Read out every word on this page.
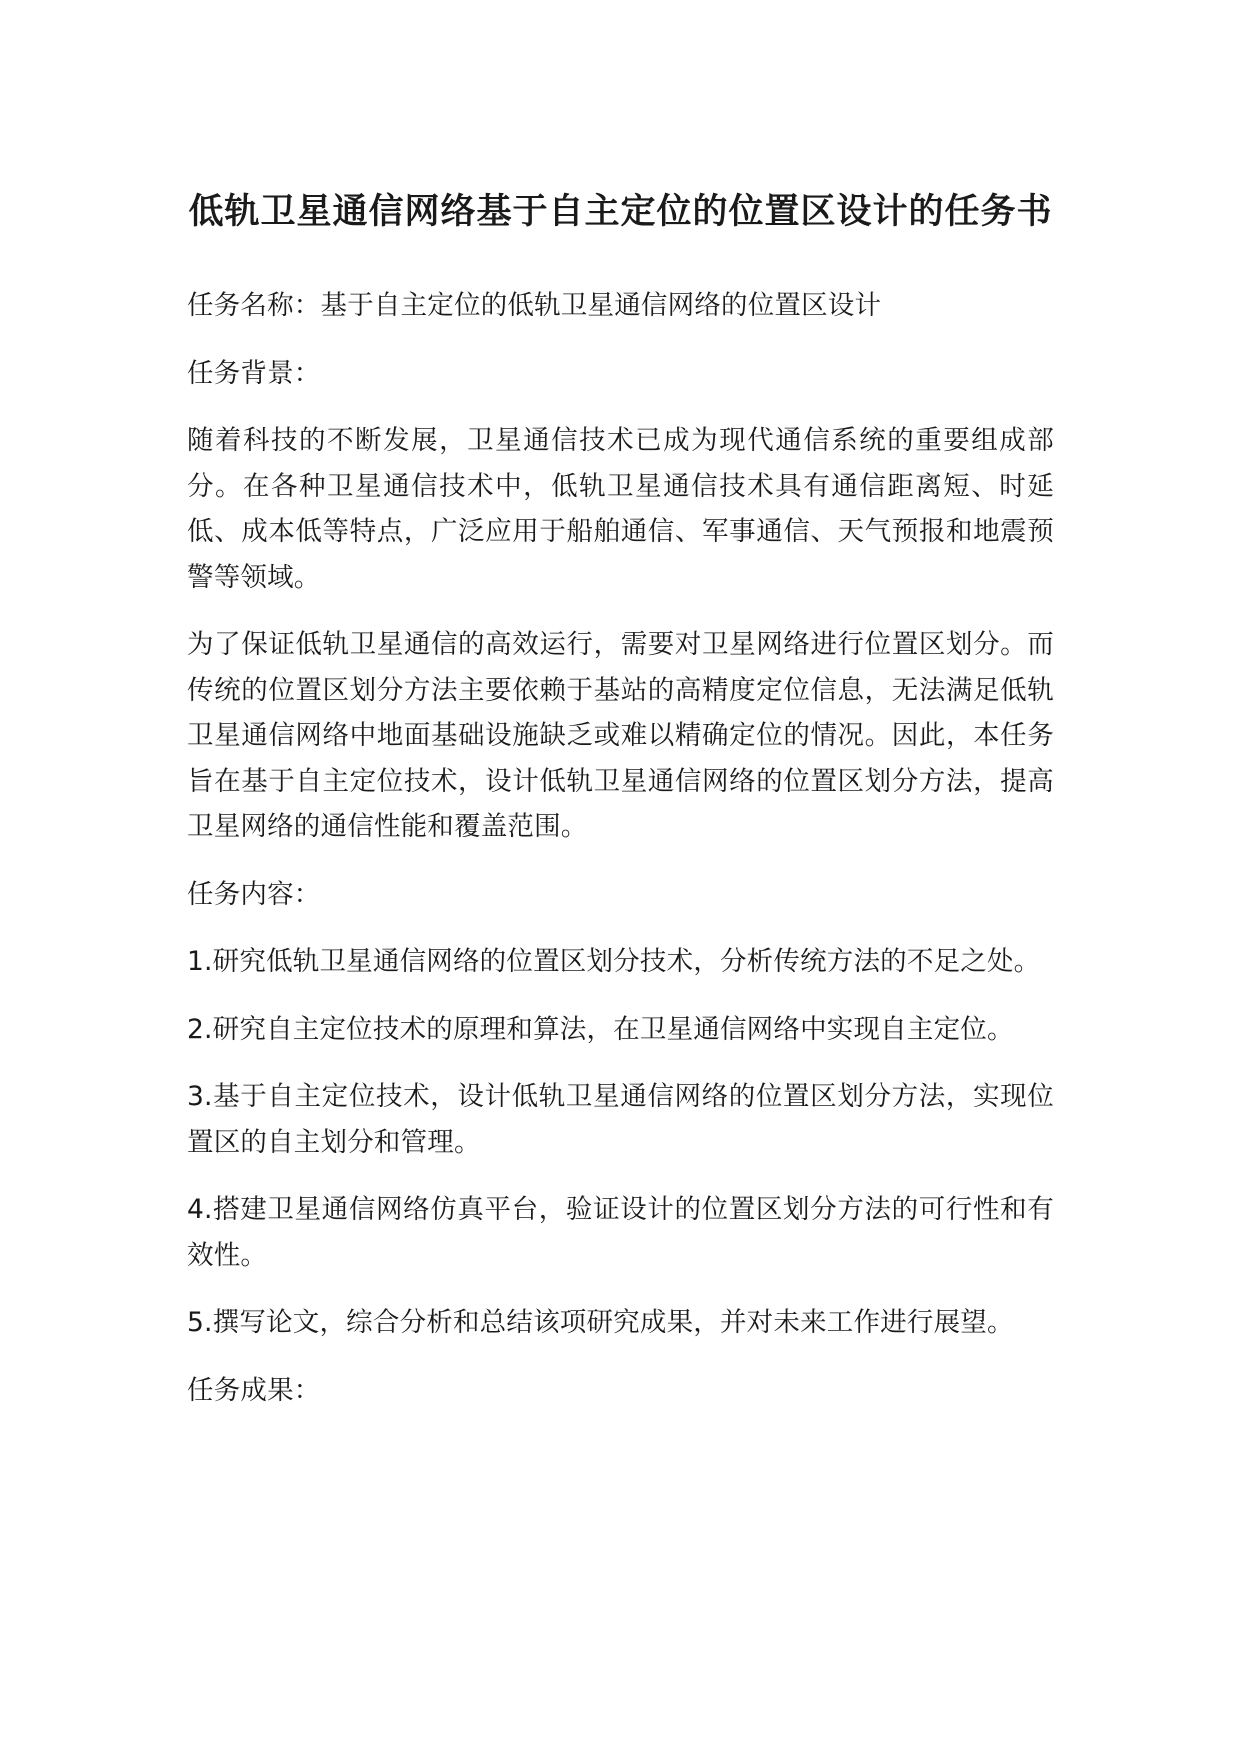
低轨卫星通信网络基于自主定位的位置区设计的任务书

任务名称：基于自主定位的低轨卫星通信网络的位置区设计

任务背景：

随着科技的不断发展，卫星通信技术已成为现代通信系统的重要组成部分。在各种卫星通信技术中，低轨卫星通信技术具有通信距离短、时延低、成本低等特点，广泛应用于船舶通信、军事通信、天气预报和地震预警等领域。

为了保证低轨卫星通信的高效运行，需要对卫星网络进行位置区划分。而传统的位置区划分方法主要依赖于基站的高精度定位信息，无法满足低轨卫星通信网络中地面基础设施缺乏或难以精确定位的情况。因此，本任务旨在基于自主定位技术，设计低轨卫星通信网络的位置区划分方法，提高卫星网络的通信性能和覆盖范围。

任务内容：

1.研究低轨卫星通信网络的位置区划分技术，分析传统方法的不足之处。

2.研究自主定位技术的原理和算法，在卫星通信网络中实现自主定位。

3.基于自主定位技术，设计低轨卫星通信网络的位置区划分方法，实现位置区的自主划分和管理。

4.搭建卫星通信网络仿真平台，验证设计的位置区划分方法的可行性和有效性。

5.撰写论文，综合分析和总结该项研究成果，并对未来工作进行展望。

任务成果：
